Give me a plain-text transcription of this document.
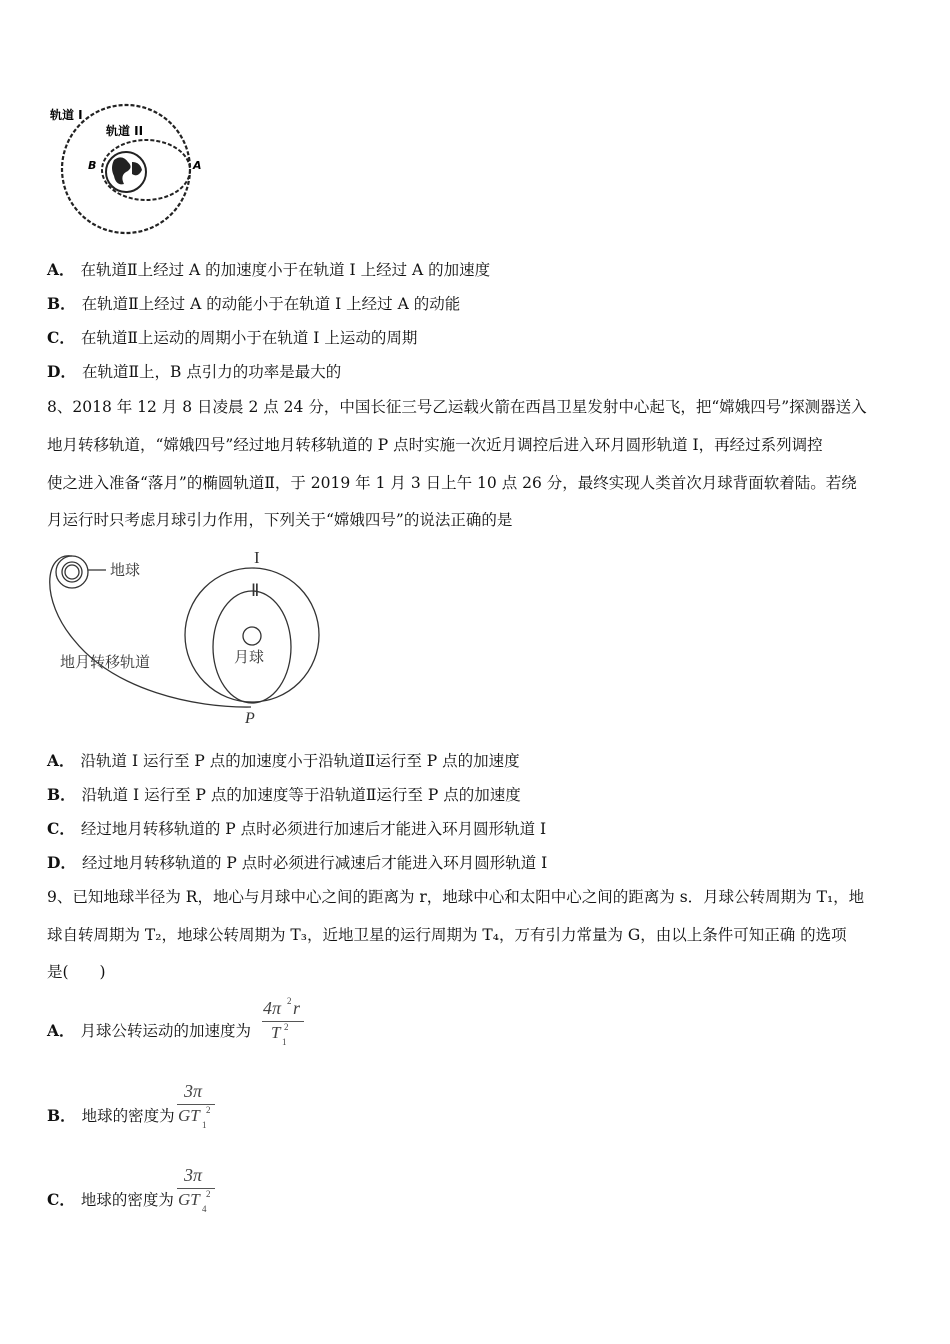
轨道 I
轨道 II
B	A
A． 在轨道Ⅱ上经过 A 的加速度小于在轨道 I 上经过 A 的加速度
B． 在轨道Ⅱ上经过 A 的动能小于在轨道 I 上经过 A 的动能
C． 在轨道Ⅱ上运动的周期小于在轨道 I 上运动的周期
D． 在轨道Ⅱ上，B 点引力的功率是最大的
8、2018 年 12 月 8 日凌晨 2 点 24 分，中国长征三号乙运载火箭在西昌卫星发射中心起飞，把“嫦娥四号”探测器送入
地月转移轨道，“嫦娥四号”经过地月转移轨道的 P 点时实施一次近月调控后进入环月圆形轨道 I，再经过系列调控
使之进入准备“落月”的椭圆轨道Ⅱ，于 2019 年 1 月 3 日上午 10 点 26 分，最终实现人类首次月球背面软着陆。若绕
月运行时只考虑月球引力作用，下列关于“嫦娥四号”的说法正确的是
地球
I
Ⅱ
月球
地月转移轨道
P
A． 沿轨道 I 运行至 P 点的加速度小于沿轨道Ⅱ运行至 P 点的加速度
B． 沿轨道 I 运行至 P 点的加速度等于沿轨道Ⅱ运行至 P 点的加速度
C． 经过地月转移轨道的 P 点时必须进行加速后才能进入环月圆形轨道 I
D． 经过地月转移轨道的 P 点时必须进行减速后才能进入环月圆形轨道 I
9、已知地球半径为 R，地心与月球中心之间的距离为 r，地球中心和太阳中心之间的距离为 s．月球公转周期为 T₁，地
球自转周期为 T₂，地球公转周期为 T₃，近地卫星的运行周期为 T₄，万有引力常量为 G，由以上条件可知正确 的选项
是(　　)
A． 月球公转运动的加速度为
4π 2 r
T 2
1
B． 地球的密度为
3π
GT 2
1
C． 地球的密度为
3π
GT 2
4
